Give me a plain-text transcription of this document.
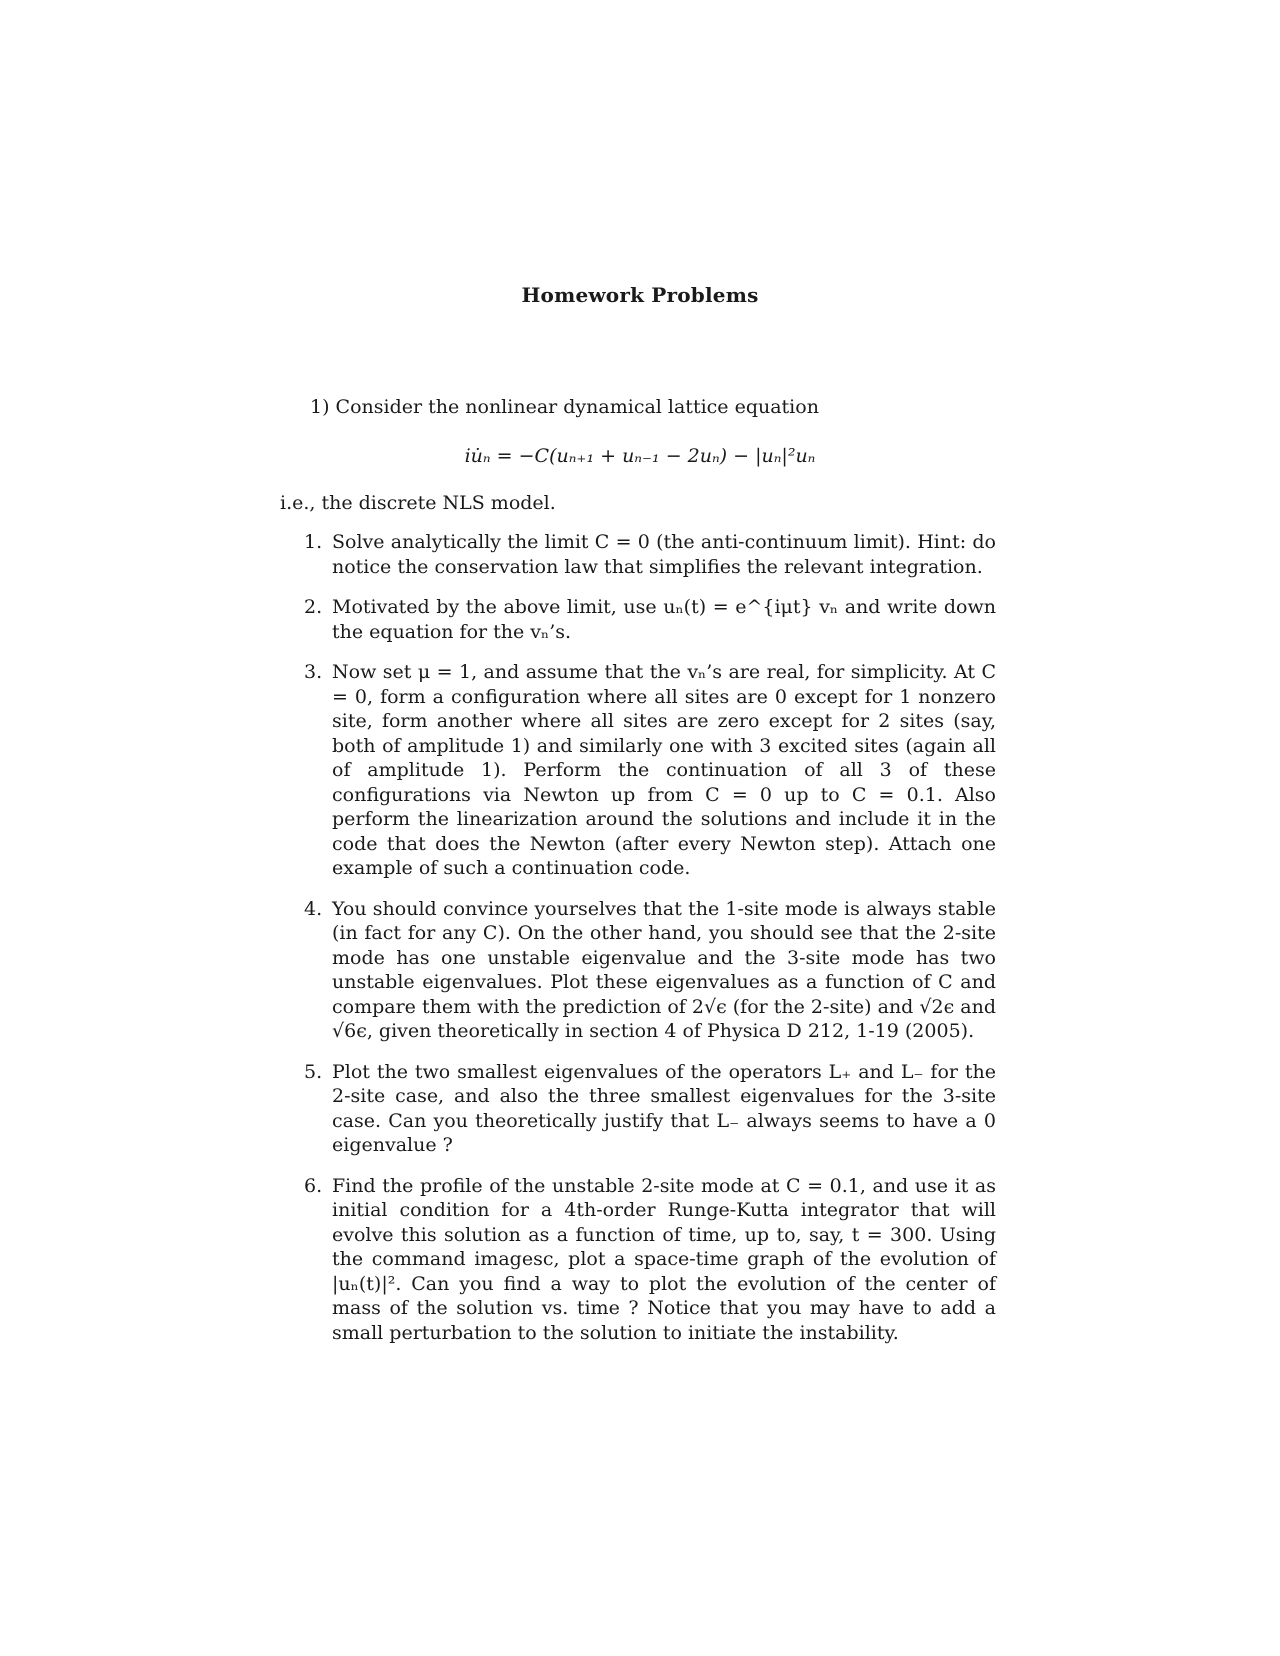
Homework Problems
1) Consider the nonlinear dynamical lattice equation
iu̇ₙ = −C(uₙ₊₁ + uₙ₋₁ − 2uₙ) − |uₙ|²uₙ
i.e., the discrete NLS model.
1. Solve analytically the limit C = 0 (the anti-continuum limit). Hint: do notice the conservation law that simplifies the relevant integration.
2. Motivated by the above limit, use uₙ(t) = e^{iμt} vₙ and write down the equation for the vₙ’s.
3. Now set μ = 1, and assume that the vₙ’s are real, for simplicity. At C = 0, form a configuration where all sites are 0 except for 1 nonzero site, form another where all sites are zero except for 2 sites (say, both of amplitude 1) and similarly one with 3 excited sites (again all of amplitude 1). Perform the continuation of all 3 of these configurations via Newton up from C = 0 up to C = 0.1. Also perform the linearization around the solutions and include it in the code that does the Newton (after every Newton step). Attach one example of such a continuation code.
4. You should convince yourselves that the 1-site mode is always stable (in fact for any C). On the other hand, you should see that the 2-site mode has one unstable eigenvalue and the 3-site mode has two unstable eigenvalues. Plot these eigenvalues as a function of C and compare them with the prediction of 2√ϵ (for the 2-site) and √2ϵ and √6ϵ, given theoretically in section 4 of Physica D 212, 1-19 (2005).
5. Plot the two smallest eigenvalues of the operators L₊ and L₋ for the 2-site case, and also the three smallest eigenvalues for the 3-site case. Can you theoretically justify that L₋ always seems to have a 0 eigenvalue ?
6. Find the profile of the unstable 2-site mode at C = 0.1, and use it as initial condition for a 4th-order Runge-Kutta integrator that will evolve this solution as a function of time, up to, say, t = 300. Using the command imagesc, plot a space-time graph of the evolution of |uₙ(t)|². Can you find a way to plot the evolution of the center of mass of the solution vs. time ? Notice that you may have to add a small perturbation to the solution to initiate the instability.
